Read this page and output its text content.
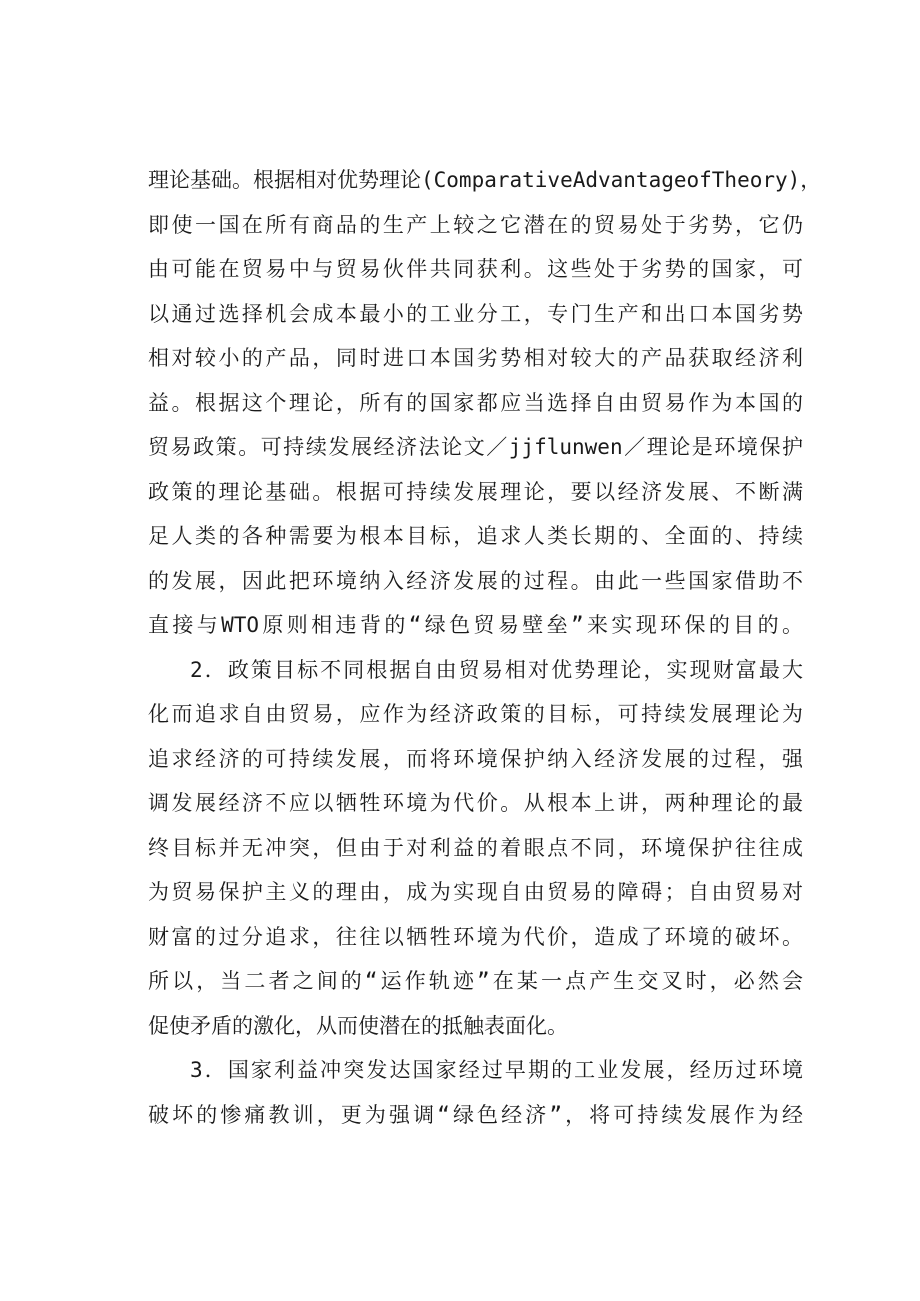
理论基础。根据相对优势理论(ComparativeAdvantageofTheory)，
即使一国在所有商品的生产上较之它潜在的贸易处于劣势，它仍
由可能在贸易中与贸易伙伴共同获利。这些处于劣势的国家，可
以通过选择机会成本最小的工业分工，专门生产和出口本国劣势
相对较小的产品，同时进口本国劣势相对较大的产品获取经济利
益。根据这个理论，所有的国家都应当选择自由贸易作为本国的
贸易政策。可持续发展经济法论文／jjflunwen／理论是环境保护
政策的理论基础。根据可持续发展理论，要以经济发展、不断满
足人类的各种需要为根本目标，追求人类长期的、全面的、持续
的发展，因此把环境纳入经济发展的过程。由此一些国家借助不
直接与WTO原则相违背的“绿色贸易壁垒”来实现环保的目的。
2．政策目标不同根据自由贸易相对优势理论，实现财富最大
化而追求自由贸易，应作为经济政策的目标，可持续发展理论为
追求经济的可持续发展，而将环境保护纳入经济发展的过程，强
调发展经济不应以牺牲环境为代价。从根本上讲，两种理论的最
终目标并无冲突，但由于对利益的着眼点不同，环境保护往往成
为贸易保护主义的理由，成为实现自由贸易的障碍；自由贸易对
财富的过分追求，往往以牺牲环境为代价，造成了环境的破坏。
所以，当二者之间的“运作轨迹”在某一点产生交叉时，必然会
促使矛盾的激化，从而使潜在的抵触表面化。
3．国家利益冲突发达国家经过早期的工业发展，经历过环境
破坏的惨痛教训，更为强调“绿色经济”，将可持续发展作为经
